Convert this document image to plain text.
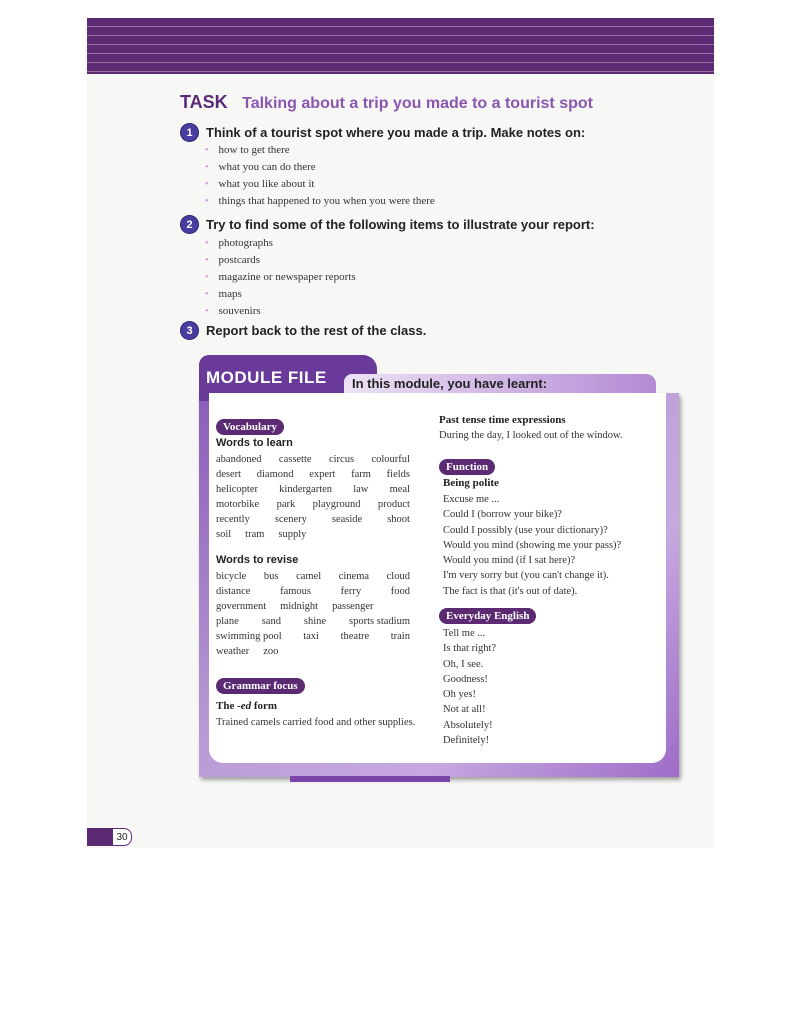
TASK Talking about a trip you made to a tourist spot
1	Think of a tourist spot where you made a trip. Make notes on:
• how to get there
• what you can do there
• what you like about it
• things that happened to you when you were there
2	Try to find some of the following items to illustrate your report:
• photographs
• postcards
• magazine or newspaper reports
• maps
• souvenirs
3	Report back to the rest of the class.
MODULE FILE In this module, you have learnt:
Vocabulary
Words to learn
abandoned cassette circus colourful
desert diamond expert farm fields
helicopter kindergarten law meal
motorbike park playground product
recently scenery seaside shoot
soil tram supply
Words to revise
bicycle bus camel cinema cloud
distance	famous	ferry	food
government midnight passenger
plane sand shine sports stadium
swimming pool taxi theatre train
weather zoo
Grammar focus
The -ed form
Trained camels carried food and other supplies.
Past tense time expressions
During the day, I looked out of the window.
Function
Being polite
Excuse me ...
Could I (borrow your bike)?
Could I possibly (use your dictionary)?
Would you mind (showing me your pass)?
Would you mind (if I sat here)?
I'm very sorry but (you can't change it).
The fact is that (it's out of date).
Everyday English
Tell me ...
Is that right?
Oh, I see.
Goodness!
Oh yes!
Not at all!
Absolutely!
Definitely!
30
